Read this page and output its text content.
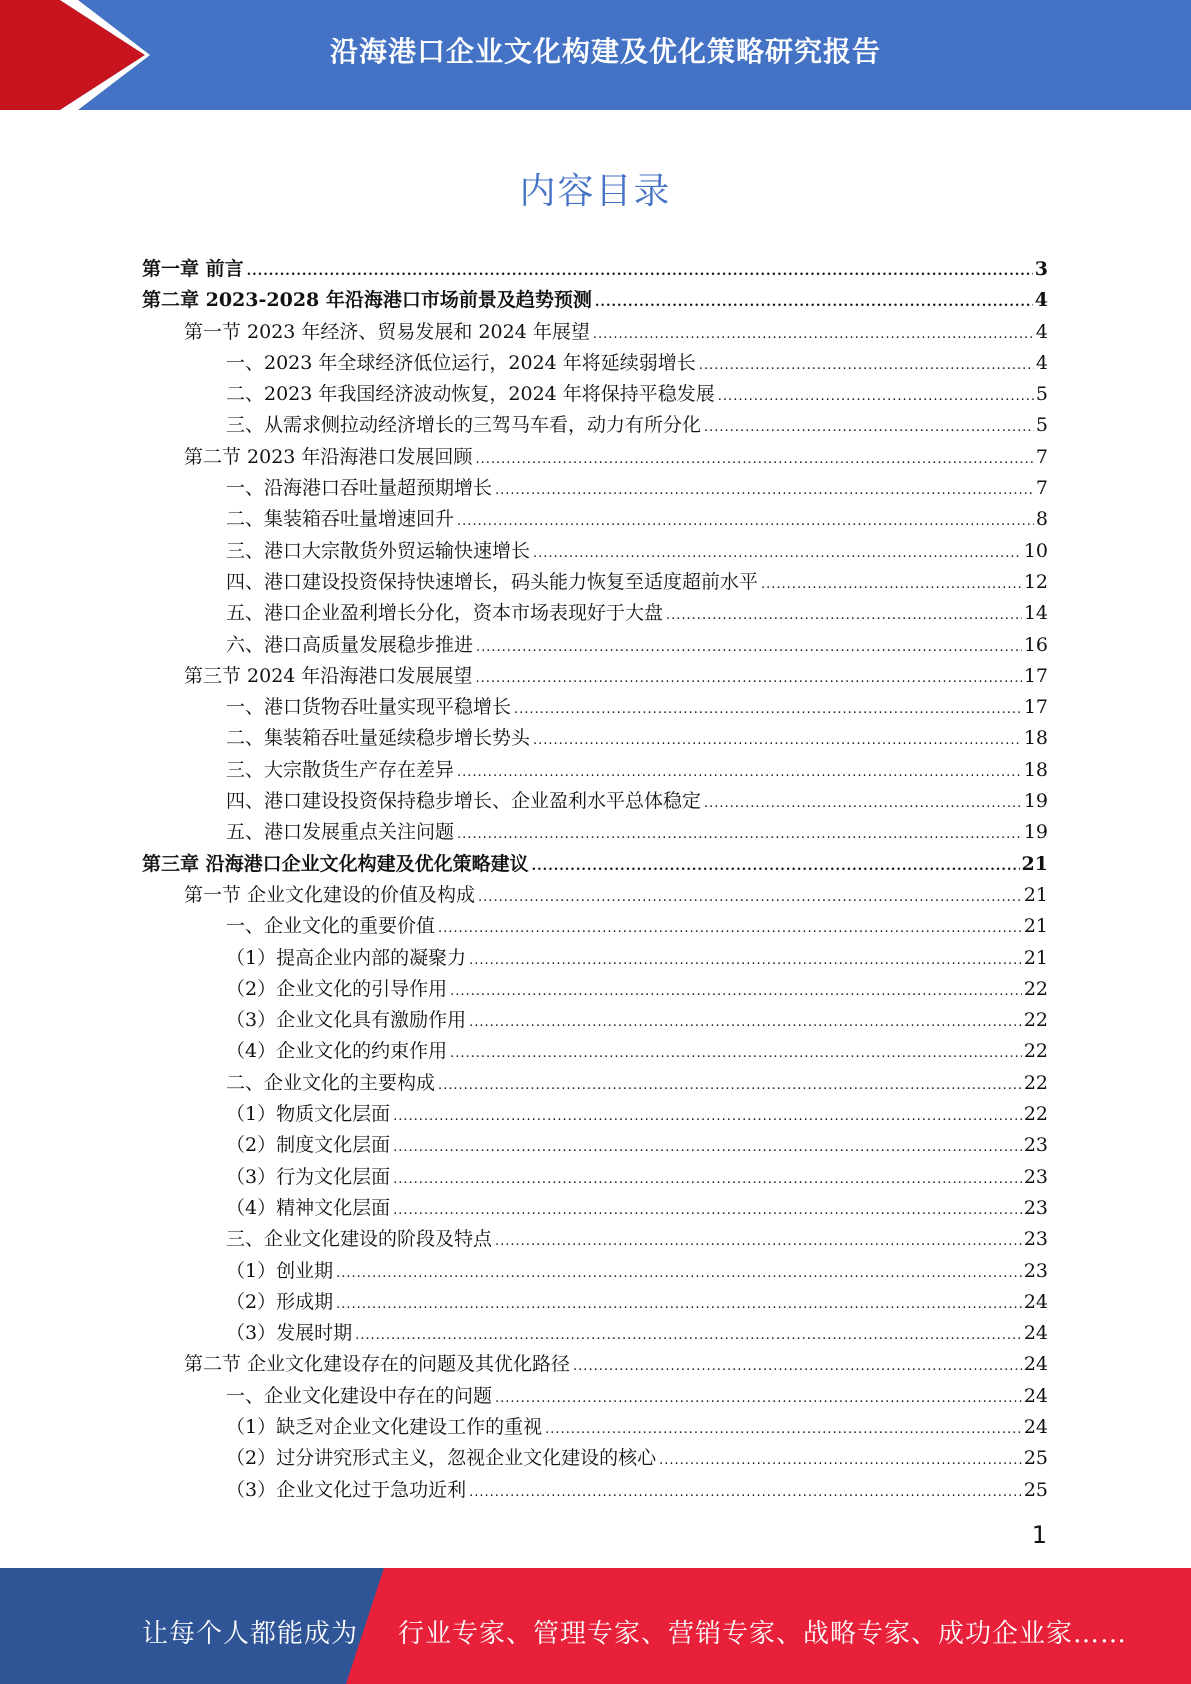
沿海港口企业文化构建及优化策略研究报告
内容目录
第一章 前言 .....	3
第二章 2023-2028 年沿海港口市场前景及趋势预测 .....	4
第一节 2023 年经济、贸易发展和 2024 年展望 .....	4
一、2023 年全球经济低位运行，2024 年将延续弱增长 .....	4
二、2023 年我国经济波动恢复，2024 年将保持平稳发展 .....	5
三、从需求侧拉动经济增长的三驾马车看，动力有所分化 .....	5
第二节 2023 年沿海港口发展回顾 .....	7
一、沿海港口吞吐量超预期增长 .....	7
二、集装箱吞吐量增速回升 .....	8
三、港口大宗散货外贸运输快速增长 .....	10
四、港口建设投资保持快速增长，码头能力恢复至适度超前水平 .....	12
五、港口企业盈利增长分化，资本市场表现好于大盘 .....	14
六、港口高质量发展稳步推进 .....	16
第三节 2024 年沿海港口发展展望 .....	17
一、港口货物吞吐量实现平稳增长 .....	17
二、集装箱吞吐量延续稳步增长势头 .....	18
三、大宗散货生产存在差异 .....	18
四、港口建设投资保持稳步增长、企业盈利水平总体稳定 .....	19
五、港口发展重点关注问题 .....	19
第三章 沿海港口企业文化构建及优化策略建议 .....	21
第一节 企业文化建设的价值及构成 .....	21
一、企业文化的重要价值 .....	21
（1）提高企业内部的凝聚力 .....	21
（2）企业文化的引导作用 .....	22
（3）企业文化具有激励作用 .....	22
（4）企业文化的约束作用 .....	22
二、企业文化的主要构成 .....	22
（1）物质文化层面 .....	22
（2）制度文化层面 .....	23
（3）行为文化层面 .....	23
（4）精神文化层面 .....	23
三、企业文化建设的阶段及特点 .....	23
（1）创业期 .....	23
（2）形成期 .....	24
（3）发展时期 .....	24
第二节 企业文化建设存在的问题及其优化路径 .....	24
一、企业文化建设中存在的问题 .....	24
（1）缺乏对企业文化建设工作的重视 .....	24
（2）过分讲究形式主义，忽视企业文化建设的核心 .....	25
（3）企业文化过于急功近利 .....	25
1
让每个人都能成为 行业专家、管理专家、营销专家、战略专家、成功企业家……
